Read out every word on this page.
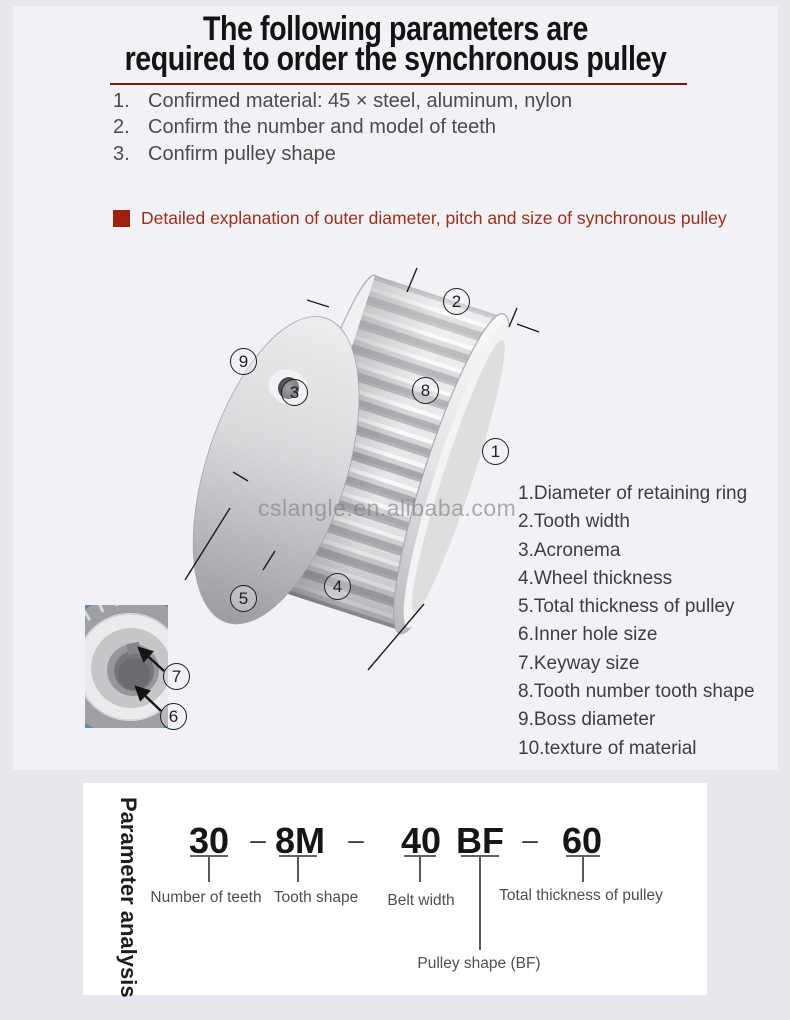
The following parameters are
required to order the synchronous pulley
1. Confirmed material: 45 × steel, aluminum, nylon
2. Confirm the number and model of teeth
3. Confirm pulley shape
Detailed explanation of outer diameter, pitch and size of synchronous pulley
cslangle.en.alibaba.com
2
9
3	8
1
5
4
7
6
1.Diameter of retaining ring
2.Tooth width
3.Acronema
4.Wheel thickness
5.Total thickness of pulley
6.Inner hole size
7.Keyway size
8.Tooth number tooth shape
9.Boss diameter
10.texture of material
Parameter analysis 30 – 8M – 40 BF – 60
Number of teeth Tooth shape	Belt width	Total thickness of pulley
Pulley shape (BF)
